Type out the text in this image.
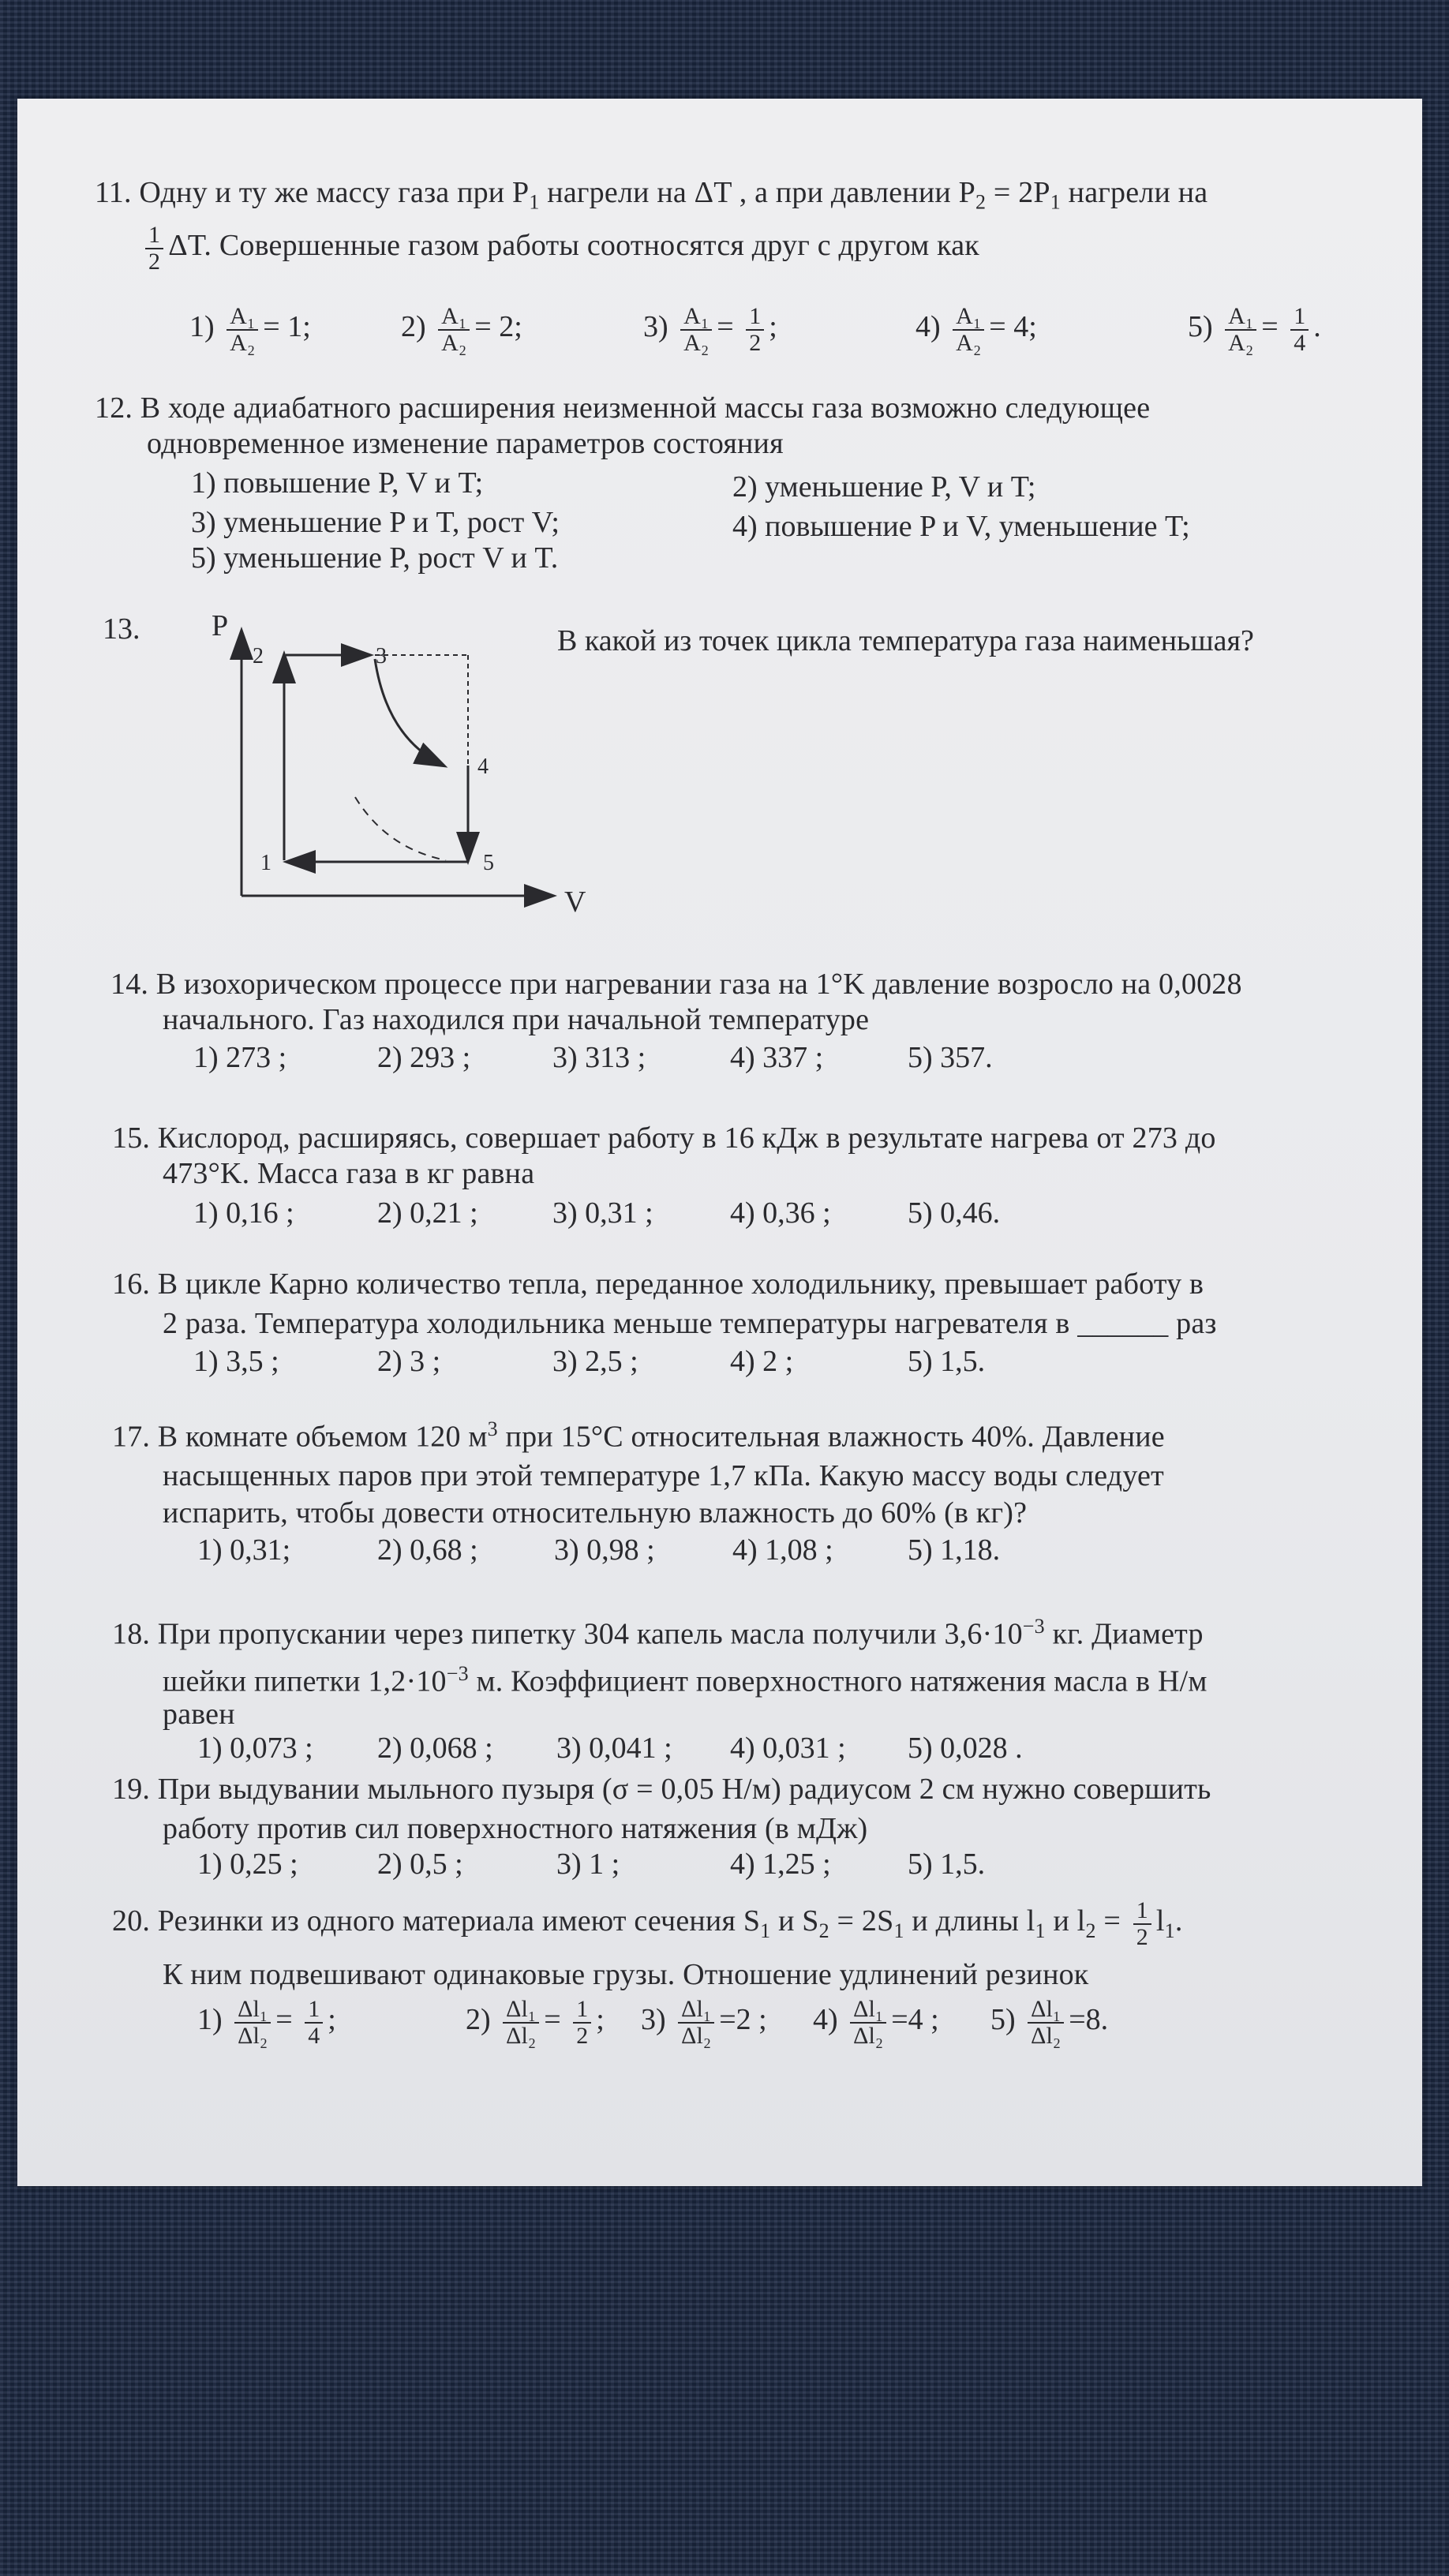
11. Одну и ту же массу газа при $P_1$ нагрели на ΔT , а при давлении $P_2 = 2P_1$ нагрели на
$\frac{1}{2} \Delta T$. Совершенные газом работы соотносятся друг с другом как
$1) \frac{\text{A₁}}{\text{A₂}} = 1$;	$2) \frac{\text{A₁}}{\text{A₂}} = 2$;	$3) \frac{\text{A₁}}{\text{A₂}} = \frac{1}{2}$ ;	$4) \frac{\text{A₁}}{\text{A₂}} = 4$;	$5) \frac{\text{A₁}}{\text{A₂}} = \frac{1}{4}$ .
12. В ходе адиабатного расширения неизменной массы газа возможно следующее
одновременное изменение параметров состояния
1) повышение P, V и T;	2) уменьшение P, V и T;
3) уменьшение P и T, рост V;	4) повышение P и V, уменьшение T;
5) уменьшение P, рост V и T.
13.	В какой из точек цикла температура газа наименьшая?
P
V
1
2	3
4
5
14. В изохорическом процессе при нагревании газа на 1°K давление возросло на 0,0028
начального. Газ находился при начальной температуре
1) 273 ;	2) 293 ;	3) 313 ;	4) 337 ;	5) 357.
15. Кислород, расширяясь, совершает работу в 16 кДж в результате нагрева от 273 до
473°K. Масса газа в кг равна
1) 0,16 ;	2) 0,21 ; 3) 0,31 ;	4) 0,36 ;	5) 0,46.
16. В цикле Карно количество тепла, переданное холодильнику, превышает работу в
2 раза. Температура холодильника меньше температуры нагревателя в ______ раз
1) 3,5 ;	2) 3 ;	3) 2,5 ;	4) 2 ;	5) 1,5.
17. В комнате объемом 120 $м^3$ при 15°C относительная влажность 40%. Давление
насыщенных паров при этой температуре 1,7 кПа. Какую массу воды следует
испарить, чтобы довести относительную влажность до 60% (в кг)?
1) 0,31;	2) 0,68 ;	3) 0,98 ;	4) 1,08 ; 5) 1,18.
18. При пропускании через пипетку 304 капель масла получили $3,6\cdot 10^{-3}$ кг. Диаметр
шейки пипетки $1,2\cdot 10^{-3}$ м. Коэффициент поверхностного натяжения масла в Н/м
равен
1) 0,073 ; 2) 0,068 ; 3) 0,041 ; 4) 0,031 ; 5) 0,028 .
19. При выдувании мыльного пузыря (σ = 0,05 Н/м) радиусом 2 см нужно совершить
работу против сил поверхностного натяжения (в мДж)
1) 0,25 ;	2) 0,5 ;	3) 1 ;	4) 1,25 ;	5) 1,5.
20. Резинки из одного материала имеют сечения $S_1$ и $S_2 = 2S_1$ и длины $l_1$ и $l_2 = \frac{1}{2} l_1$.
К ним подвешивают одинаковые грузы. Отношение удлинений резинок
$1) \frac{\text{Δl₁}}{\text{Δl₂}} = \frac{1}{4}$ ;	$2) \frac{\text{Δl₁}}{\text{Δl₂}} = \frac{1}{2}$ ; $3) \frac{\text{Δl₁}}{\text{Δl₂}} =2$ ; $4) \frac{\text{Δl₁}}{\text{Δl₂}} =4$ ; $5) \frac{\text{Δl₁}}{\text{Δl₂}} =8$.
